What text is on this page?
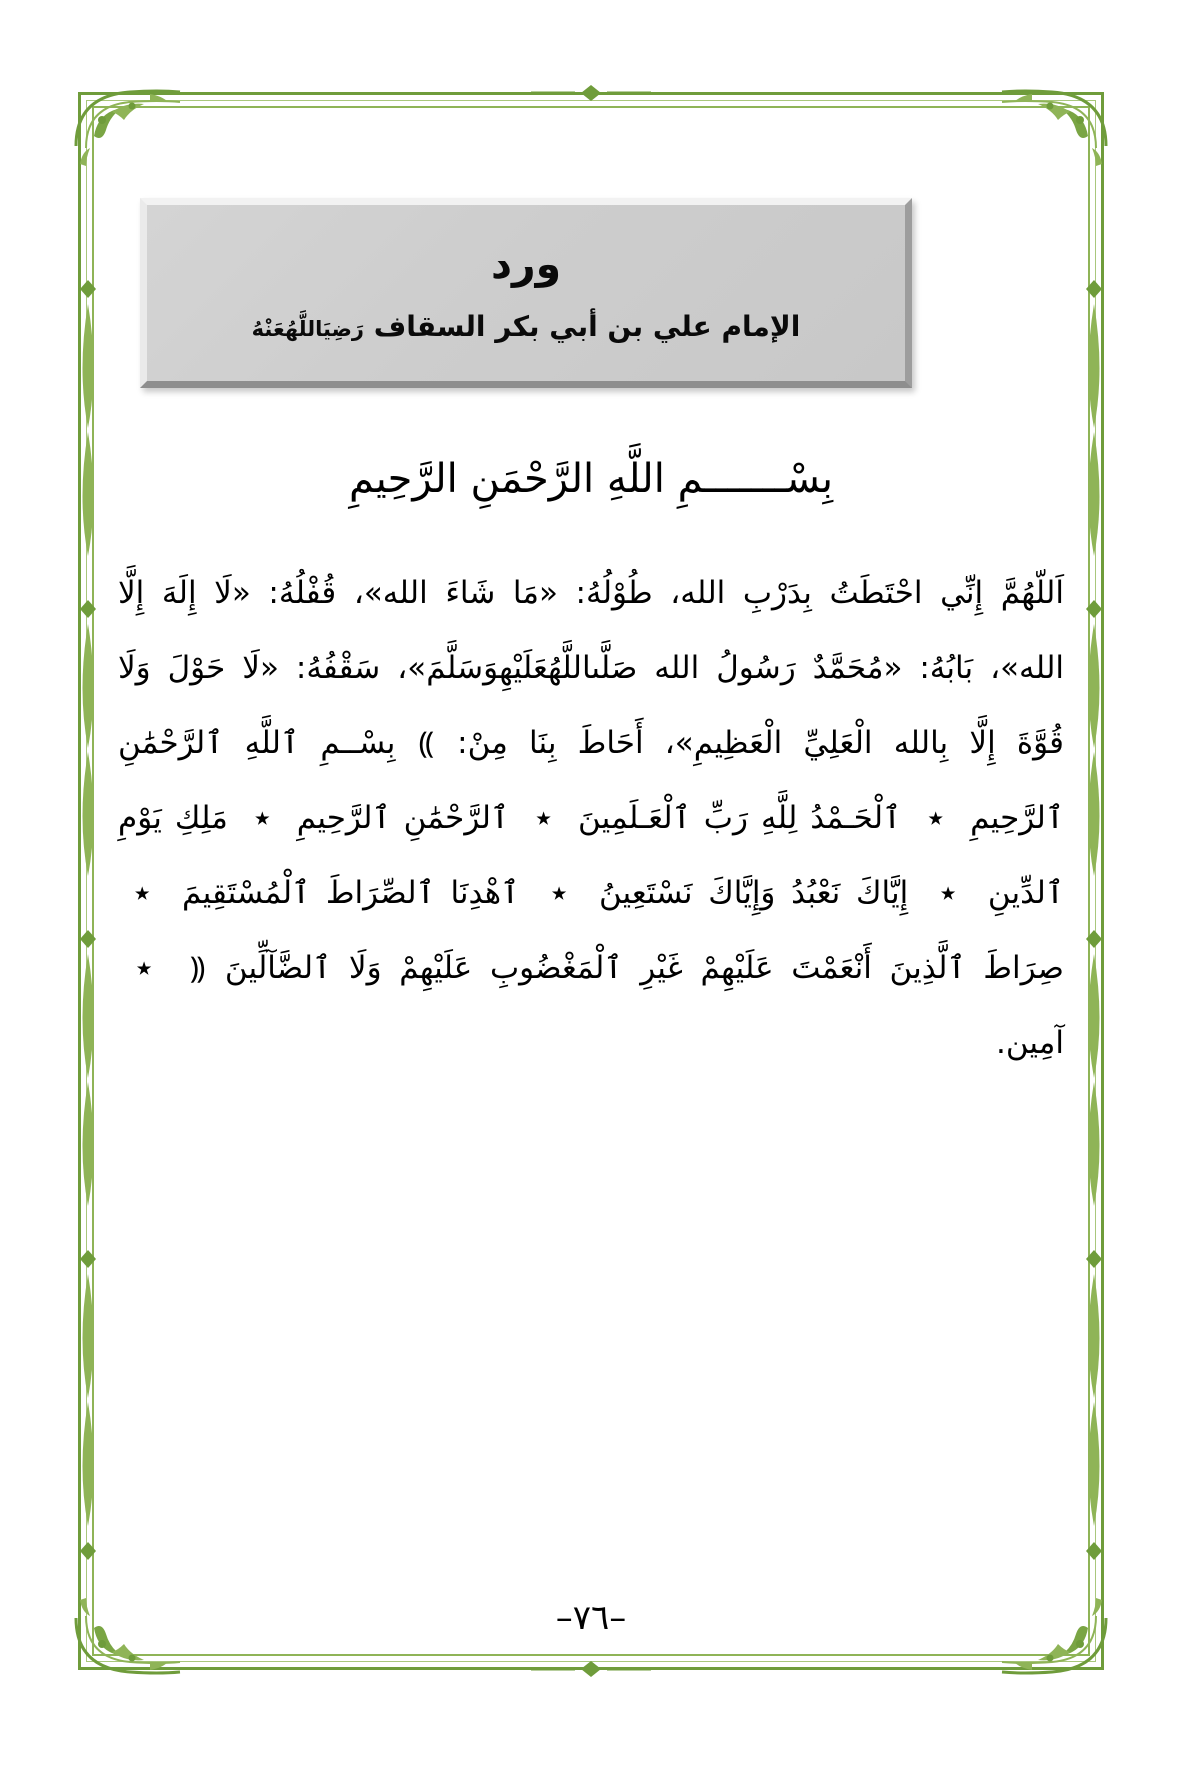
ورد
الإمام علي بن أبي بكر السقاف رَضِيَاللَّهُعَنْهُ
بِسْـــــــمِ اللَّهِ الرَّحْمَنِ الرَّحِيمِ

اَللّهُمَّ إِنِّي احْتَطَتُ بِدَرْبِ الله، طُوْلُهُ: «مَا شَاءَ الله»، قُفْلُهُ: «لَا إِلَهَ إِلَّا الله»، بَابُهُ: «مُحَمَّدٌ رَسُولُ الله صَلَّىاللَّهُعَلَيْهِوَسَلَّمَ»، سَقْفُهُ: «لَا حَوْلَ وَلَا قُوَّةَ إِلَّا بِالله الْعَلِيِّ الْعَظِيمِ»، أَحَاطَ بِنَا مِنْ: ⸩ بِسْــمِ ٱللَّهِ ٱلرَّحْمَٰنِ ٱلرَّحِيمِ  ٭  ٱلْحَـمْدُ لِلَّهِ رَبِّ ٱلْعَـلَمِينَ  ٭  ٱلرَّحْمَٰنِ ٱلرَّحِيمِ  ٭  مَلِكِ يَوْمِ ٱلدِّينِ  ٭  إِيَّاكَ نَعْبُدُ وَإِيَّاكَ نَسْتَعِينُ  ٭  ٱهْدِنَا ٱلصِّرَاطَ ٱلْمُسْتَقِيمَ  ٭  صِرَاطَ ٱلَّذِينَ أَنْعَمْتَ عَلَيْهِمْ غَيْرِ ٱلْمَغْضُوبِ عَلَيْهِمْ وَلَا ٱلضَّآلِّينَ ⸨  ٭  آمِين.

–٧٦–
